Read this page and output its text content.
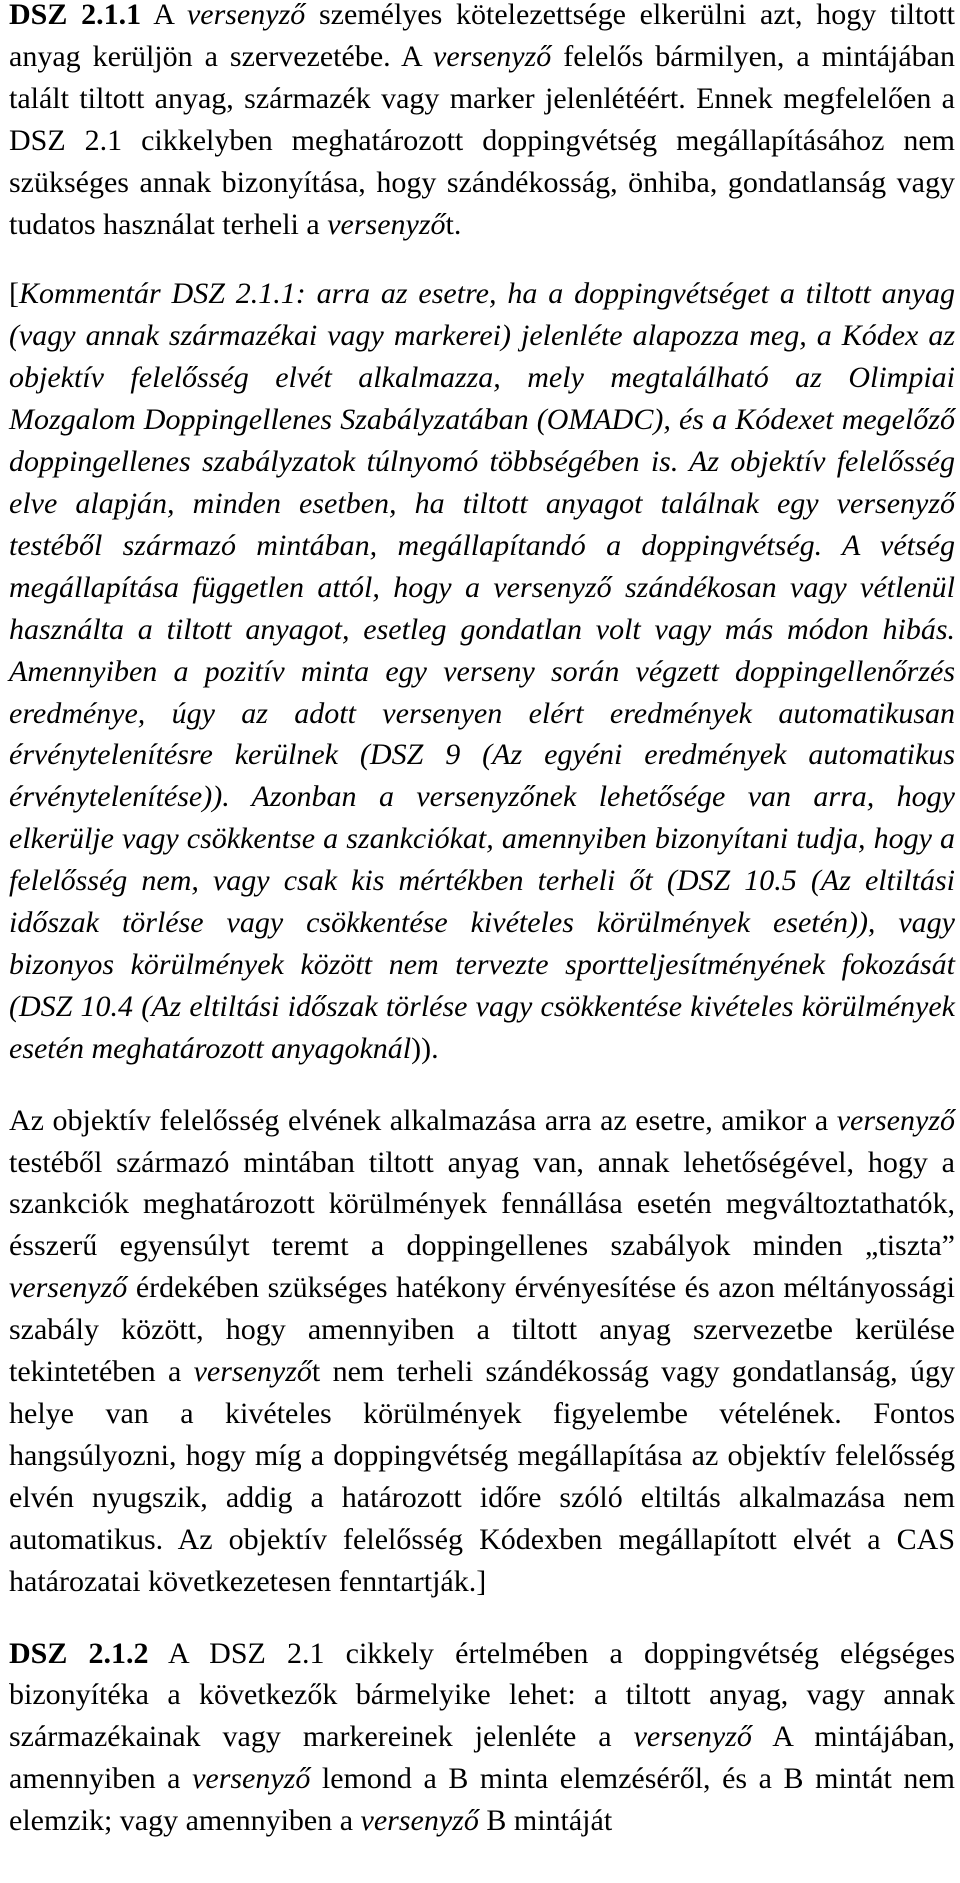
DSZ 2.1.1 A versenyző személyes kötelezettsége elkerülni azt, hogy tiltott anyag kerüljön a szervezetébe. A versenyző felelős bármilyen, a mintájában talált tiltott anyag, származék vagy marker jelenlétéért. Ennek megfelelően a DSZ 2.1 cikkelyben meghatározott doppingvétség megállapításához nem szükséges annak bizonyítása, hogy szándékosság, önhiba, gondatlanság vagy tudatos használat terheli a versenyzőt.

[Kommentár DSZ 2.1.1: arra az esetre, ha a doppingvétséget a tiltott anyag (vagy annak származékai vagy markerei) jelenléte alapozza meg, a Kódex az objektív felelősség elvét alkalmazza, mely megtalálható az Olimpiai Mozgalom Doppingellenes Szabályzatában (OMADC), és a Kódexet megelőző doppingellenes szabályzatok túlnyomó többségében is. Az objektív felelősség elve alapján, minden esetben, ha tiltott anyagot találnak egy versenyző testéből származó mintában, megállapítandó a doppingvétség. A vétség megállapítása független attól, hogy a versenyző szándékosan vagy vétlenül használta a tiltott anyagot, esetleg gondatlan volt vagy más módon hibás. Amennyiben a pozitív minta egy verseny során végzett doppingellenőrzés eredménye, úgy az adott versenyen elért eredmények automatikusan érvénytelenítésre kerülnek (DSZ 9 (Az egyéni eredmények automatikus érvénytelenítése)). Azonban a versenyzőnek lehetősége van arra, hogy elkerülje vagy csökkentse a szankciókat, amennyiben bizonyítani tudja, hogy a felelősség nem, vagy csak kis mértékben terheli őt (DSZ 10.5 (Az eltiltási időszak törlése vagy csökkentése kivételes körülmények esetén)), vagy bizonyos körülmények között nem tervezte sportteljesítményének fokozását (DSZ 10.4 (Az eltiltási időszak törlése vagy csökkentése kivételes körülmények esetén meghatározott anyagoknál)).

Az objektív felelősség elvének alkalmazása arra az esetre, amikor a versenyző testéből származó mintában tiltott anyag van, annak lehetőségével, hogy a szankciók meghatározott körülmények fennállása esetén megváltoztathatók, ésszerű egyensúlyt teremt a doppingellenes szabályok minden „tiszta” versenyző érdekében szükséges hatékony érvényesítése és azon méltányossági szabály között, hogy amennyiben a tiltott anyag szervezetbe kerülése tekintetében a versenyzőt nem terheli szándékosság vagy gondatlanság, úgy helye van a kivételes körülmények figyelembe vételének. Fontos hangsúlyozni, hogy míg a doppingvétség megállapítása az objektív felelősség elvén nyugszik, addig a határozott időre szóló eltiltás alkalmazása nem automatikus. Az objektív felelősség Kódexben megállapított elvét a CAS határozatai következetesen fenntartják.]

DSZ 2.1.2 A DSZ 2.1 cikkely értelmében a doppingvétség elégséges bizonyítéka a következők bármelyike lehet: a tiltott anyag, vagy annak származékainak vagy markereinek jelenléte a versenyző A mintájában, amennyiben a versenyző lemond a B minta elemzéséről, és a B mintát nem elemzik; vagy amennyiben a versenyző B mintáját
